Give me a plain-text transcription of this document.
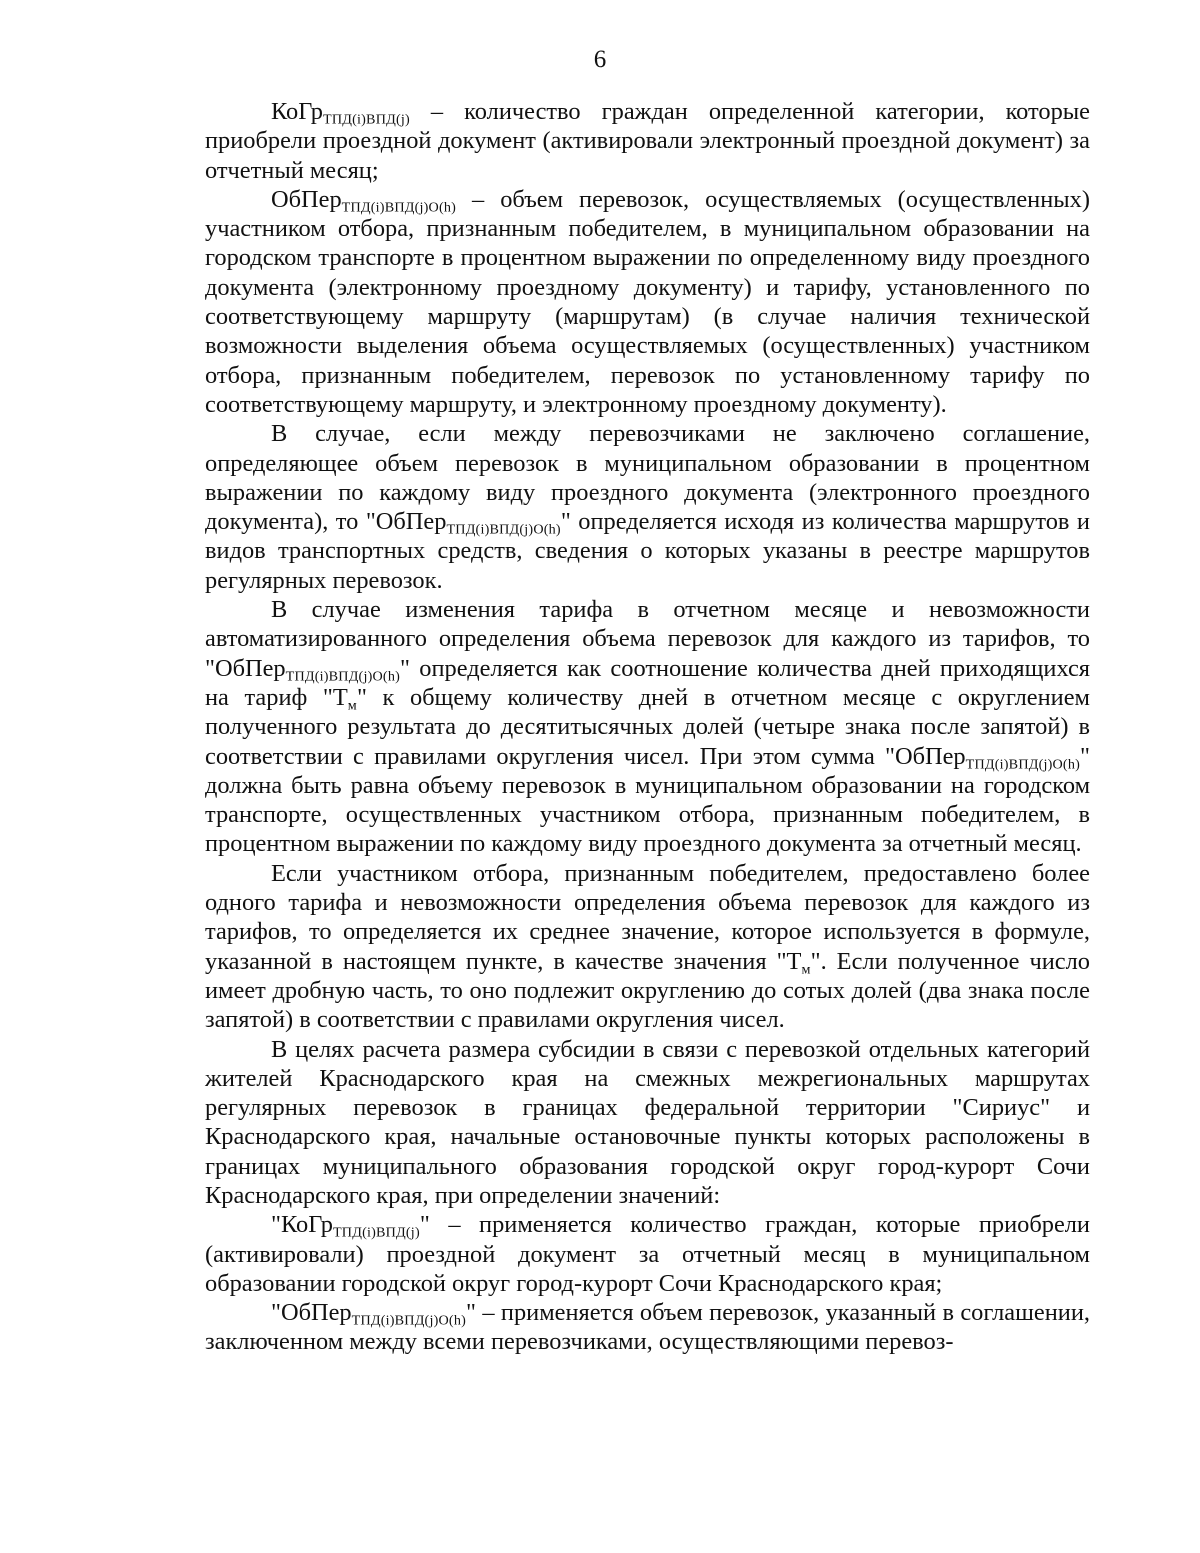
6

КоГр$_{ТПД(i)ВПД(j)}$ – количество граждан определенной категории, которые приобрели проездной документ (активировали электронный проездной документ) за отчетный месяц;

ОбПер$_{ТПД(i)ВПД(j)О(h)}$ – объем перевозок, осуществляемых (осуществленных) участником отбора, признанным победителем, в муниципальном образовании на городском транспорте в процентном выражении по определенному виду проездного документа (электронному проездному документу) и тарифу, установленного по соответствующему маршруту (маршрутам) (в случае наличия технической возможности выделения объема осуществляемых (осуществленных) участником отбора, признанным победителем, перевозок по установленному тарифу по соответствующему маршруту, и электронному проездному документу).

В случае, если между перевозчиками не заключено соглашение, определяющее объем перевозок в муниципальном образовании в процентном выражении по каждому виду проездного документа (электронного проездного документа), то "ОбПер$_{ТПД(i)ВПД(j)О(h)}$" определяется исходя из количества маршрутов и видов транспортных средств, сведения о которых указаны в реестре маршрутов регулярных перевозок.

В случае изменения тарифа в отчетном месяце и невозможности автоматизированного определения объема перевозок для каждого из тарифов, то "ОбПер$_{ТПД(i)ВПД(j)О(h)}$" определяется как соотношение количества дней приходящихся на тариф "$Т_м$" к общему количеству дней в отчетном месяце с округлением полученного результата до десятитысячных долей (четыре знака после запятой) в соответствии с правилами округления чисел. При этом сумма "ОбПер$_{ТПД(i)ВПД(j)О(h)}$" должна быть равна объему перевозок в муниципальном образовании на городском транспорте, осуществленных участником отбора, признанным победителем, в процентном выражении по каждому виду проездного документа за отчетный месяц.

Если участником отбора, признанным победителем, предоставлено более одного тарифа и невозможности определения объема перевозок для каждого из тарифов, то определяется их среднее значение, которое используется в формуле, указанной в настоящем пункте, в качестве значения "$Т_м$". Если полученное число имеет дробную часть, то оно подлежит округлению до сотых долей (два знака после запятой) в соответствии с правилами округления чисел.

В целях расчета размера субсидии в связи с перевозкой отдельных категорий жителей Краснодарского края на смежных межрегиональных маршрутах регулярных перевозок в границах федеральной территории "Сириус" и Краснодарского края, начальные остановочные пункты которых расположены в границах муниципального образования городской округ город-курорт Сочи Краснодарского края, при определении значений:

"КоГр$_{ТПД(i)ВПД(j)}$" – применяется количество граждан, которые приобрели (активировали) проездной документ за отчетный месяц в муниципальном образовании городской округ город-курорт Сочи Краснодарского края;

"ОбПер$_{ТПД(i)ВПД(j)О(h)}$" – применяется объем перевозок, указанный в соглашении, заключенном между всеми перевозчиками, осуществляющими перевоз-
